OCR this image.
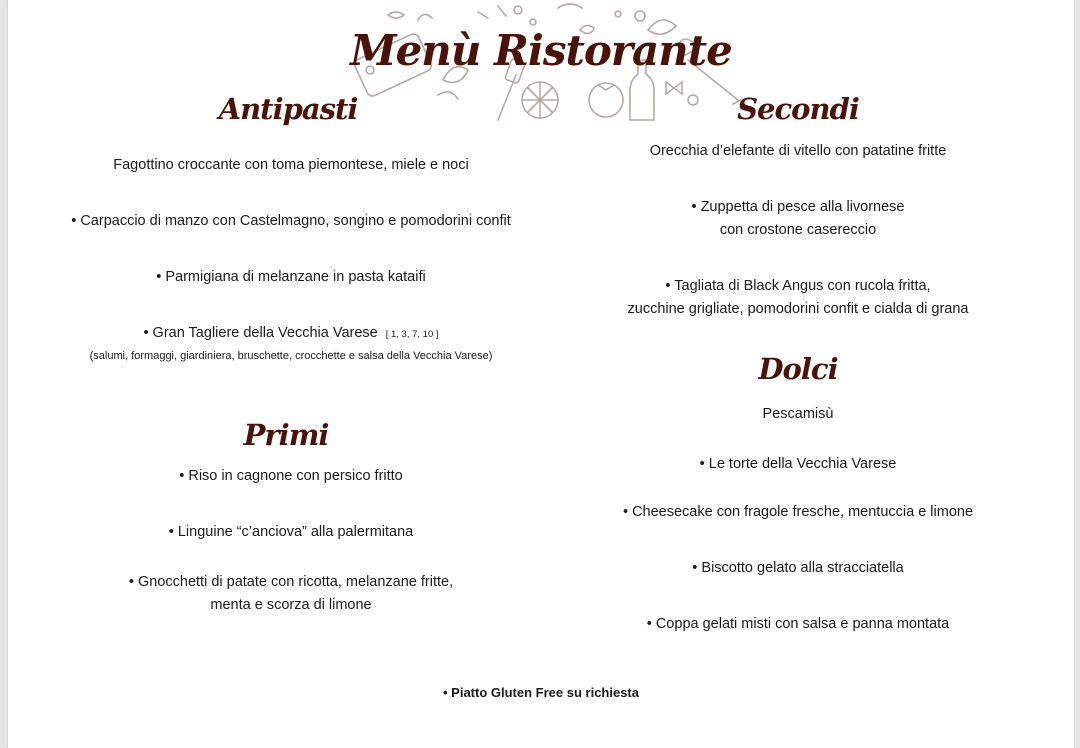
Menù Ristorante
Antipasti
Fagottino croccante con toma piemontese, miele e noci
• Carpaccio di manzo con Castelmagno, songino e pomodorini confit
• Parmigiana di melanzane in pasta kataifi
• Gran Tagliere della Vecchia Varese [ 1, 3, 7, 10 ]
(salumi, formaggi, giardiniera, bruschette, crocchette e salsa della Vecchia Varese)
Primi
• Riso in cagnone con persico fritto
• Linguine “c’anciova” alla palermitana
• Gnocchetti di patate con ricotta, melanzane fritte,
menta e scorza di limone
Secondi
Orecchia d’elefante di vitello con patatine fritte
• Zuppetta di pesce alla livornese
con crostone casereccio
• Tagliata di Black Angus con rucola fritta,
zucchine grigliate, pomodorini confit e cialda di grana
Dolci
Pescamisù
• Le torte della Vecchia Varese
• Cheesecake con fragole fresche, mentuccia e limone
• Biscotto gelato alla stracciatella
• Coppa gelati misti con salsa e panna montata
• Piatto Gluten Free su richiesta
